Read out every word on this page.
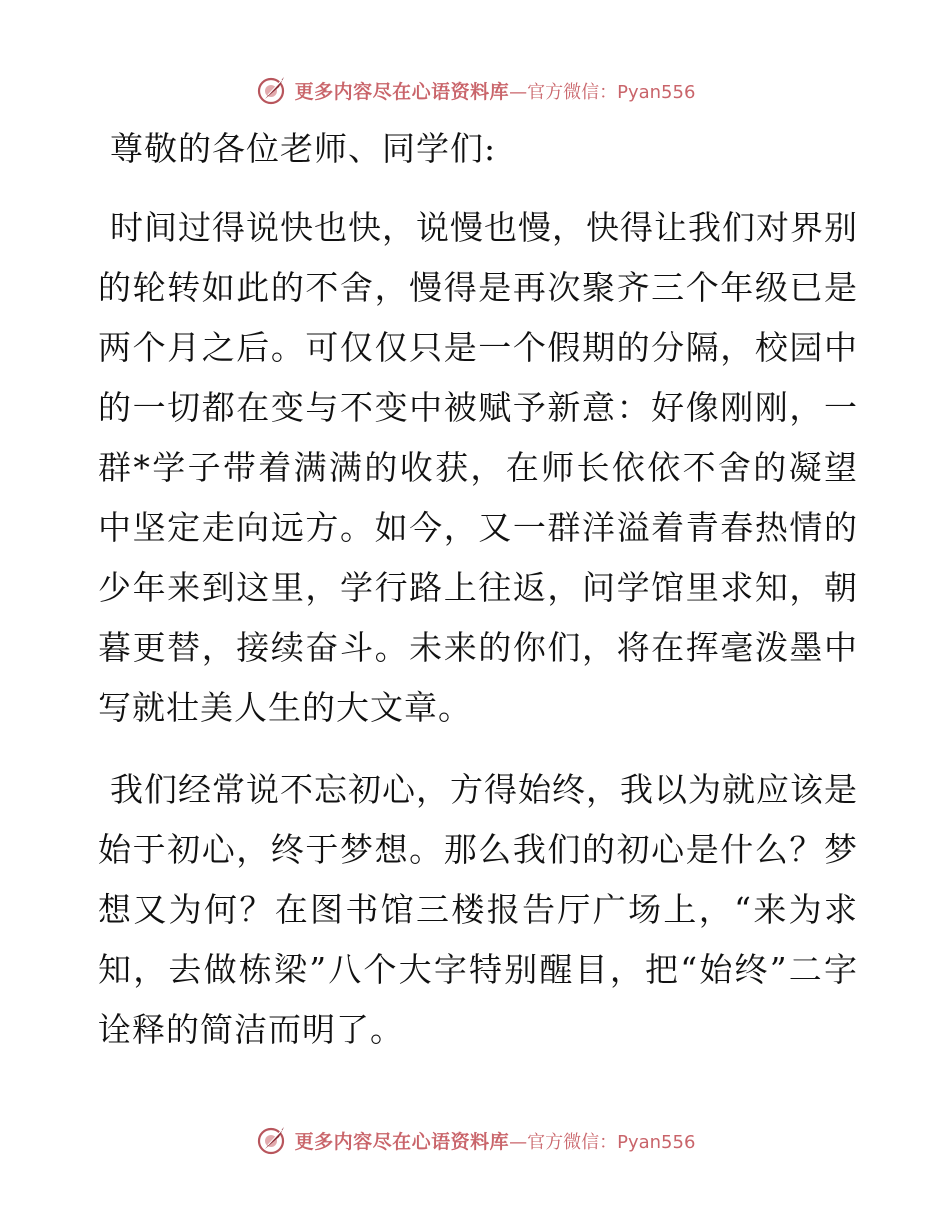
更多内容尽在心语资料库 —官方微信：Pyan556

尊敬的各位老师、同学们:

时间过得说快也快，说慢也慢，快得让我们对界别的轮转如此的不舍，慢得是再次聚齐三个年级已是两个月之后。可仅仅只是一个假期的分隔，校园中的一切都在变与不变中被赋予新意：好像刚刚，一群*学子带着满满的收获，在师长依依不舍的凝望中坚定走向远方。如今，又一群洋溢着青春热情的少年来到这里，学行路上往返，问学馆里求知，朝暮更替，接续奋斗。未来的你们，将在挥毫泼墨中写就壮美人生的大文章。

我们经常说不忘初心，方得始终，我以为就应该是始于初心，终于梦想。那么我们的初心是什么？梦想又为何？在图书馆三楼报告厅广场上，“来为求知，去做栋梁”八个大字特别醒目，把“始终”二字诠释的简洁而明了。

更多内容尽在心语资料库 —官方微信：Pyan556
